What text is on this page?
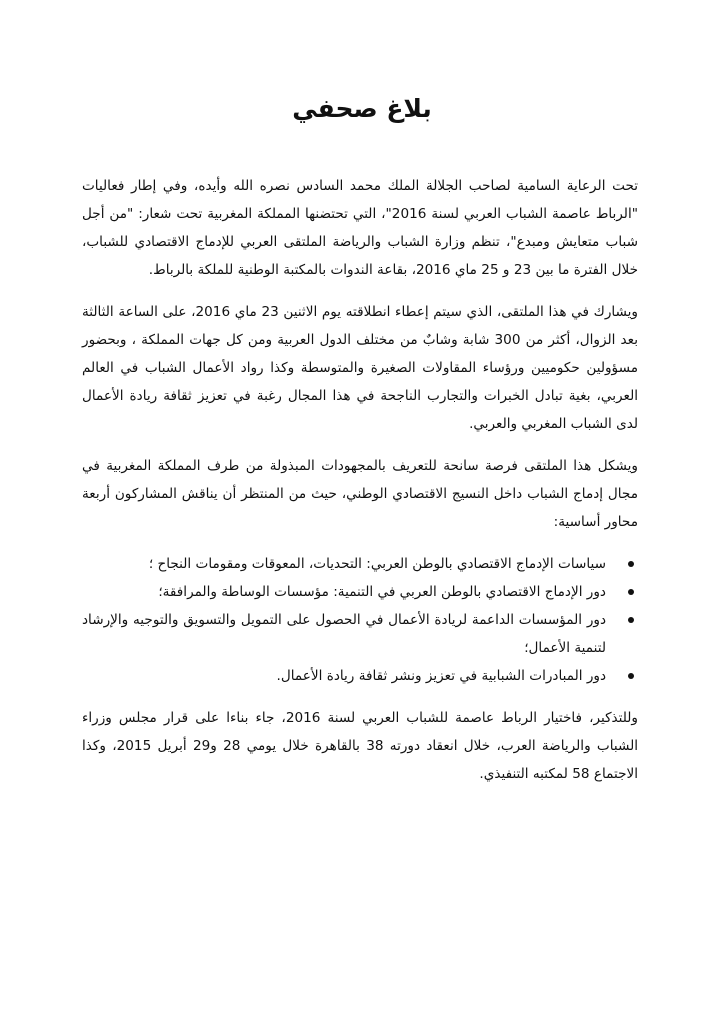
بلاغ صحفي

تحت الرعاية السامية لصاحب الجلالة الملك محمد السادس نصره الله وأيده، وفي إطار فعاليات "الرباط عاصمة الشباب العربي لسنة 2016"، التي تحتضنها المملكة المغربية تحت شعار: "من أجل شباب متعايش ومبدع"، تنظم وزارة الشباب والرياضة الملتقى العربي للإدماج الاقتصادي للشباب، خلال الفترة ما بين 23 و 25 ماي 2016، بقاعة الندوات بالمكتبة الوطنية للملكة بالرباط.

ويشارك في هذا الملتقى، الذي سيتم إعطاء انطلاقته يوم الاثنين 23 ماي 2016، على الساعة الثالثة بعد الزوال، أكثر من 300 شابة وشابٌ من مختلف الدول العربية ومن كل جهات المملكة ، وبحضور مسؤولين حكوميين ورؤساء المقاولات الصغيرة والمتوسطة وكذا رواد الأعمال الشباب في العالم العربي، بغية تبادل الخبرات والتجارب الناجحة في هذا المجال رغبة في تعزيز ثقافة ريادة الأعمال لدى الشباب المغربي والعربي.

ويشكل هذا الملتقى فرصة سانحة للتعريف بالمجهودات المبذولة من طرف المملكة المغربية في مجال إدماج الشباب داخل النسيج الاقتصادي الوطني، حيث من المنتظر أن يناقش المشاركون أربعة محاور أساسية:

سياسات الإدماج الاقتصادي بالوطن العربي: التحديات، المعوقات ومقومات النجاح ؛
دور الإدماج الاقتصادي بالوطن العربي في التنمية: مؤسسات الوساطة والمرافقة؛
دور المؤسسات الداعمة لريادة الأعمال في الحصول على التمويل والتسويق والتوجيه والإرشاد لتنمية الأعمال؛
دور المبادرات الشبابية في تعزيز ونشر ثقافة ريادة الأعمال.

وللتذكير، فاختيار الرباط عاصمة للشباب العربي لسنة 2016، جاء بناءا على قرار مجلس وزراء الشباب والرياضة العرب، خلال انعقاد دورته 38 بالقاهرة خلال يومي 28 و29 أبريل 2015، وكذا الاجتماع 58 لمكتبه التنفيذي.
